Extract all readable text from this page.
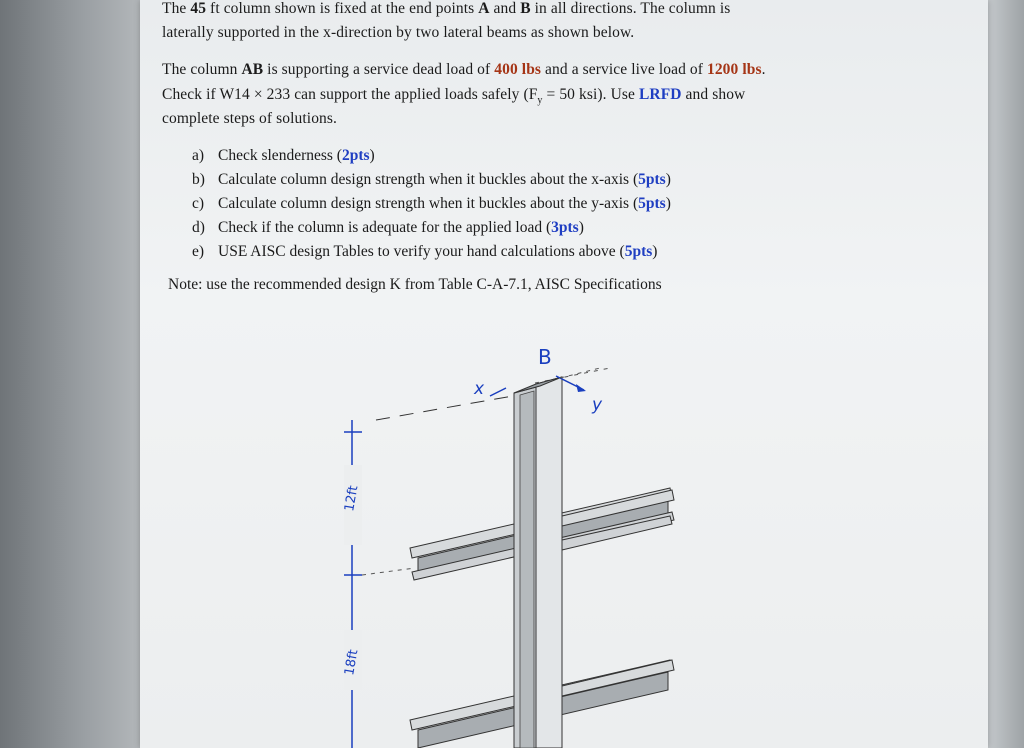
The 45 ft column shown is fixed at the end points A and B in all directions. The column is
laterally supported in the x-direction by two lateral beams as shown below.
The column AB is supporting a service dead load of 400 lbs and a service live load of 1200 lbs.
Check if W14 × 233 can support the applied loads safely ($F_y = 50$ ksi). Use LRFD and show
complete steps of solutions.
a) Check slenderness (2pts)
b) Calculate column design strength when it buckles about the x-axis (5pts)
c) Calculate column design strength when it buckles about the y-axis (5pts)
d) Check if the column is adequate for the applied load (3pts)
e) USE AISC design Tables to verify your hand calculations above (5pts)
Note: use the recommended design K from Table C-A-7.1, AISC Specifications
12ft
18ft
B
x
y
